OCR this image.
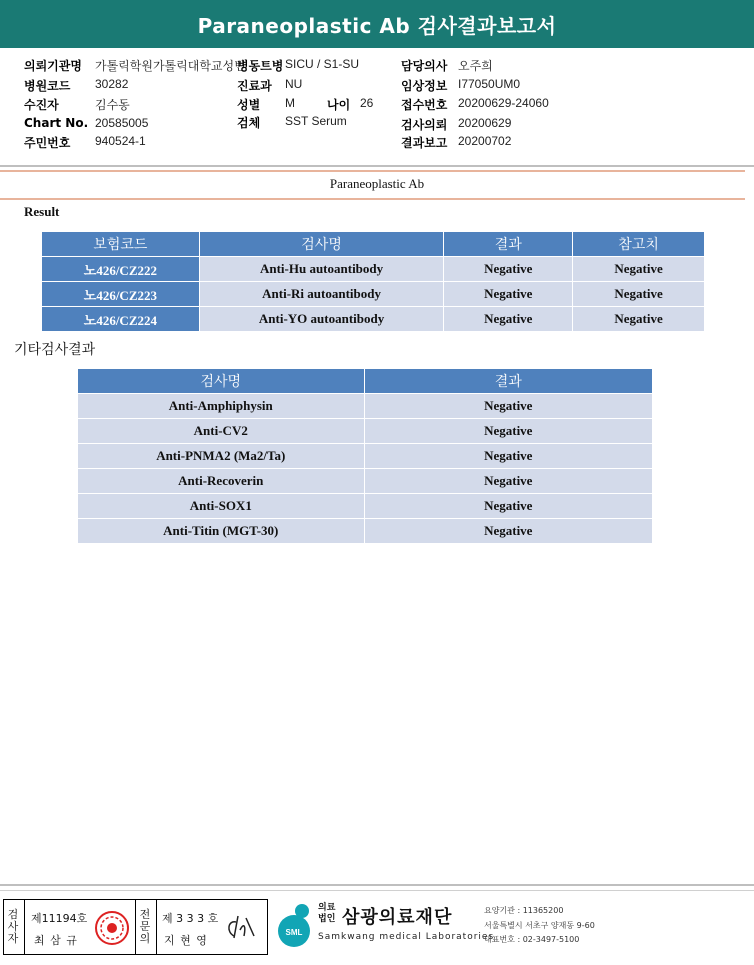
Paraneoplastic Ab 검사결과보고서
의뢰기관명 가톨릭학원가톨릭대학교성빈
병동트병 SICU / S1-SU	담당의사 오주희
병원코드 30282	진료과 NU	임상정보 I77050UM0
수진자	김수동	성별 M	나이 26 접수번호 20200629-24060
Chart No. 20585005	검체 SST Serum	검사의뢰 20200629
주민번호 940524-1	결과보고 20200702
Paraneoplastic Ab
Result
보험코드	검사명	결과	참고치
노426/CZ222	Anti-Hu autoantibody	Negative	Negative
노426/CZ223	Anti-Ri autoantibody	Negative	Negative
노426/CZ224	Anti-YO autoantibody	Negative	Negative
기타검사결과
검사명	결과
Anti-Amphiphysin	Negative
Anti-CV2	Negative
Anti-PNMA2 (Ma2/Ta)	Negative
Anti-Recoverin	Negative
Anti-SOX1	Negative
Anti-Titin (MGT-30)	Negative
검사자
제11194호
최 삼 규
전문의
제 3 3 3 호
지 현 영
SML
의료
법인 삼광의료재단
Samkwang medical Laboratories
요양기관 : 11365200
서울특별시 서초구 양재동 9-60
대표번호 : 02-3497-5100
